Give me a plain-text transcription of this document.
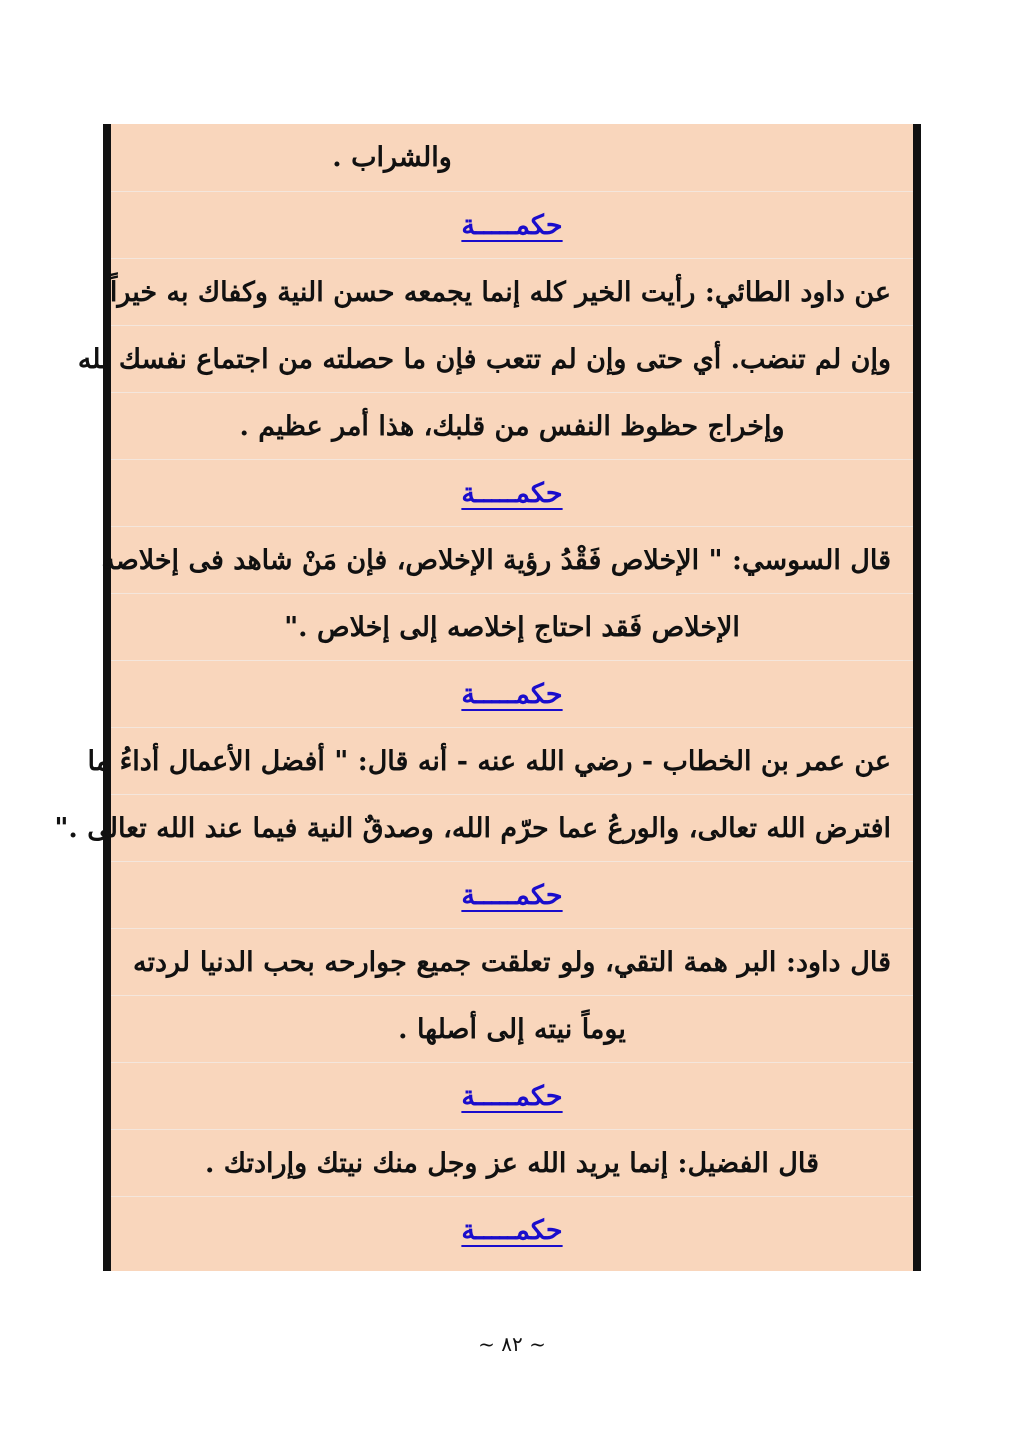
والشراب .
حكمـــــة
عن داود الطائي: رأيت الخير كله إنما يجمعه حسن النية وكفاك به خيراً
وإن لم تنضب. أي حتى وإن لم تتعب فإن ما حصلته من اجتماع نفسك لله
وإخراج حظوظ النفس من قلبك، هذا أمر عظيم .
حكمـــــة
قال السوسي: " الإخلاص فَقْدُ رؤية الإخلاص، فإن مَنْ شاهد فى إخلاصه
الإخلاص فَقد احتاج إخلاصه إلى إخلاص ."
حكمـــــة
عن عمر بن الخطاب - رضي الله عنه - أنه قال: " أفضل الأعمال أداءُ ما
افترض الله تعالى، والورعُ عما حرّم الله، وصدقٌ النية فيما عند الله تعالى ."
حكمـــــة
قال داود: البر همة التقي، ولو تعلقت جميع جوارحه بحب الدنيا لردته
يوماً نيته إلى أصلها .
حكمـــــة
قال الفضيل: إنما يريد الله عز وجل منك نيتك وإرادتك .
حكمـــــة
~ ٨٢ ~
